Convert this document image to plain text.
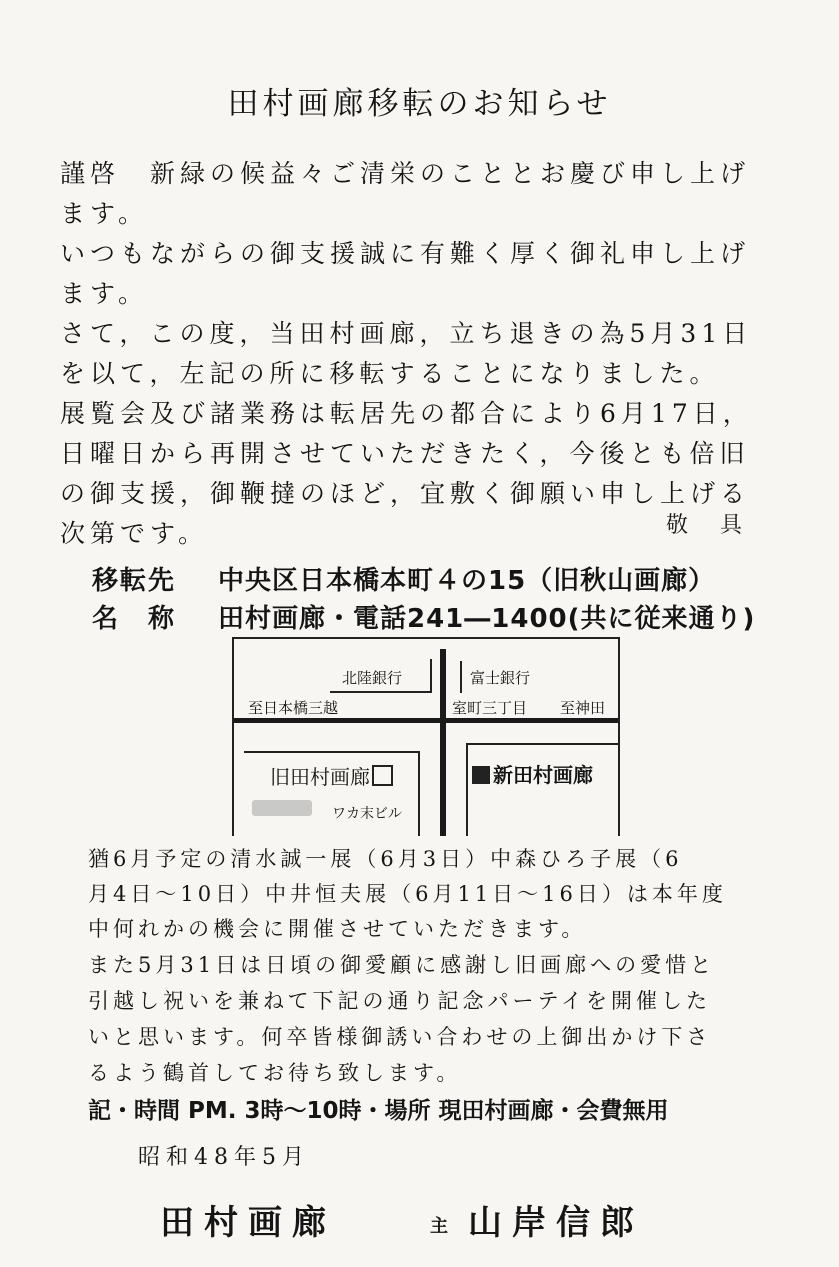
田村画廊移転のお知らせ
謹啓　新緑の候益々ご清栄のこととお慶び申し上げ
ます。
いつもながらの御支援誠に有難く厚く御礼申し上げ
ます。
さて，この度，当田村画廊，立ち退きの為5月31日
を以て，左記の所に移転することになりました。
展覧会及び諸業務は転居先の都合により6月17日，
日曜日から再開させていただきたく，今後とも倍旧
の御支援，御鞭撻のほど，宜敷く御願い申し上げる
次第です。	敬　具
移転先 中央区日本橋本町４の15（旧秋山画廊）
名　称 田村画廊・電話241―1400(共に従来通り)
北陸銀行	富士銀行
至日本橋三越	室町三丁目 至神田
旧田村画廊
ワカ末ビル
新田村画廊
猶6月予定の清水誠一展（6月3日）中森ひろ子展（6
月4日～10日）中井恒夫展（6月11日～16日）は本年度
中何れかの機会に開催させていただきます。
また5月31日は日頃の御愛顧に感謝し旧画廊への愛惜と
引越し祝いを兼ねて下記の通り記念パーテイを開催した
いと思います。何卒皆様御誘い合わせの上御出かけ下さ
るよう鶴首してお待ち致します。
記・時間 PM. 3時～10時・場所 現田村画廊・会費無用
昭和48年5月
田村画廊	主 山岸信郎
